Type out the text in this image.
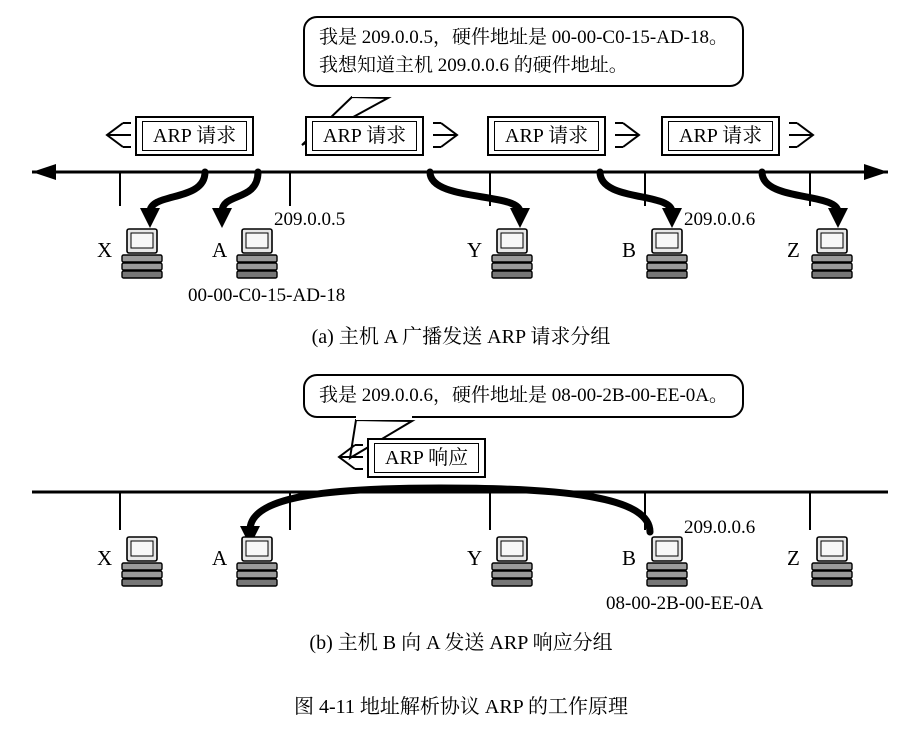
我是 209.0.0.5，硬件地址是 00-00-C0-15-AD-18。
我想知道主机 209.0.0.6 的硬件地址。
ARP 请求	ARP 请求	ARP 请求	ARP 请求
X	A
209.0.0.5
00-00-C0-15-AD-18
Y	B
209.0.0.6
Z
(a) 主机 A 广播发送 ARP 请求分组
我是 209.0.0.6，硬件地址是 08-00-2B-00-EE-0A。
ARP 响应
X	A	Y	B
209.0.0.6
08-00-2B-00-EE-0A
Z
(b) 主机 B 向 A 发送 ARP 响应分组
图 4-11 地址解析协议 ARP 的工作原理
